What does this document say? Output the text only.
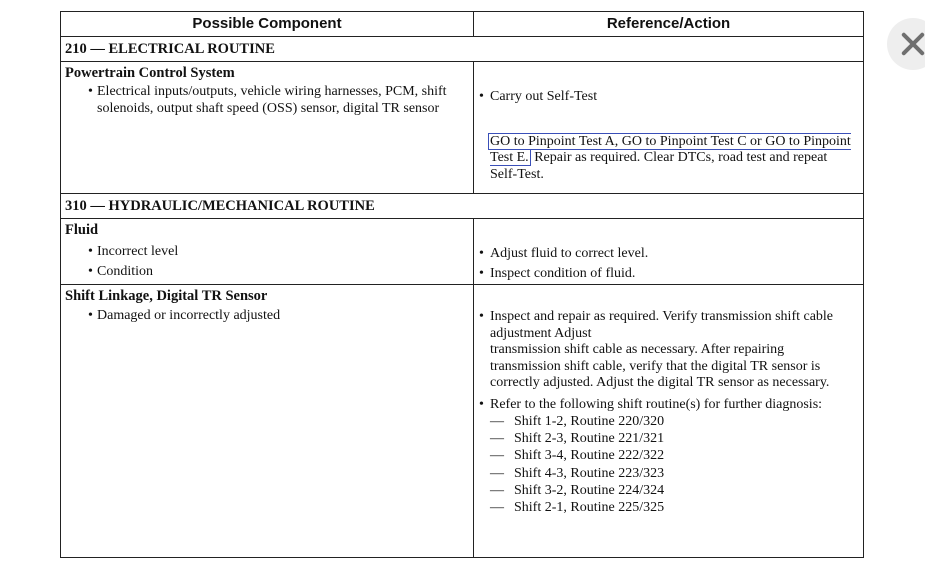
Possible Component	Reference/Action
210 — ELECTRICAL ROUTINE
Powertrain Control System
• Electrical inputs/outputs, vehicle wiring harnesses, PCM, shift solenoids, output shaft speed (OSS) sensor, digital TR sensor
• Carry out Self-Test
GO to Pinpoint Test A, GO to Pinpoint Test C or GO to Pinpoint Test E. Repair as required. Clear DTCs, road test and repeat Self-Test.
310 — HYDRAULIC/MECHANICAL ROUTINE
Fluid
• Incorrect level
• Condition
• Adjust fluid to correct level.
• Inspect condition of fluid.
Shift Linkage, Digital TR Sensor
• Damaged or incorrectly adjusted	• Inspect and repair as required. Verify transmission shift cable adjustment Adjust
transmission shift cable as necessary. After repairing transmission shift cable, verify that the digital TR sensor is correctly adjusted. Adjust the digital TR sensor as necessary.
• Refer to the following shift routine(s) for further diagnosis:
— Shift 1-2, Routine 220/320
— Shift 2-3, Routine 221/321
— Shift 3-4, Routine 222/322
— Shift 4-3, Routine 223/323
— Shift 3-2, Routine 224/324
— Shift 2-1, Routine 225/325
